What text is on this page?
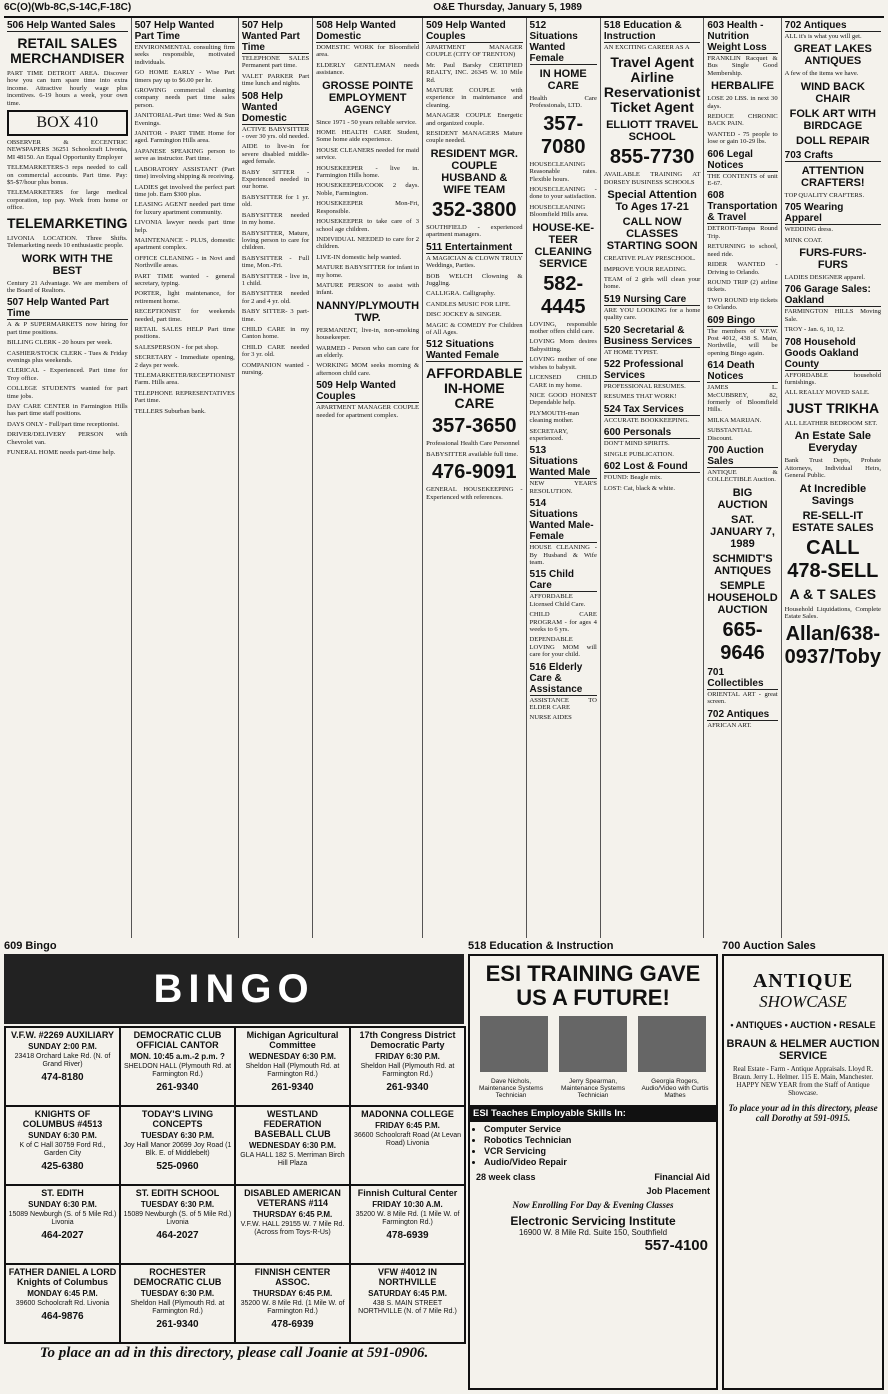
6C(O)(Wb-8C,S-14C,F-18C)	O&E Thursday, January 5, 1989
506 Help Wanted Sales
RETAIL SALES MERCHANDISER
PART TIME DETROIT AREA. Discover how you can turn spare time into extra income. Attractive hourly wage plus incentives. 6-19 hours a week, your own time.
BOX 410
OBSERVER & ECCENTRIC NEWSPAPERS 36251 Schoolcraft Livonia, MI 48150. An Equal Opportunity Employer
TELEMARKETERS-3 reps needed to call on commercial accounts. Part time. Pay: $5-$7/hour plus bonus.
TELEMARKETERS for large medical corporation, top pay. Work from home or office.
TELEMARKETING
LIVONIA LOCATION. Three Shifts. Telemarketing needs 10 enthusiastic people.
WORK WITH THE BEST
Century 21 Advantage. We are members of the Board of Realtors.
507 Help Wanted Part Time
A & P SUPERMARKETS now hiring for part time positions.
BILLING CLERK - 20 hours per week.
CASHIER/STOCK CLERK - Tues & Friday evenings plus weekends.
CLERICAL - Experienced. Part time for Troy office.
COLLEGE STUDENTS wanted for part time jobs.
DAY CARE CENTER in Farmington Hills has part time staff positions.
DAYS ONLY - Full/part time receptionist.
DRIVER/DELIVERY PERSON with Chevrolet van.
FUNERAL HOME needs part-time help.
507 Help Wanted Part Time
ENVIRONMENTAL consulting firm seeks responsible, motivated individuals.
GO HOME EARLY - Wise Part timers pay up to $6.00 per hr.
GROWING commercial cleaning company needs part time sales person.
JANITORIAL-Part time: Wed & Sun Evenings.
JANITOR - PART TIME Home for aged. Farmington Hills area.
JAPANESE SPEAKING person to serve as instructor. Part time.
LABORATORY ASSISTANT (Part time) involving shipping & receiving.
LADIES get involved the perfect part time job. Earn $300 plus.
LEASING AGENT needed part time for luxury apartment community.
LIVONIA lawyer needs part time help.
MAINTENANCE - PLUS, domestic apartment complex.
OFFICE CLEANING - in Novi and Northville areas.
PART TIME wanted - general secretary, typing.
PORTER, light maintenance, for retirement home.
RECEPTIONIST for weekends needed, part time.
RETAIL SALES HELP Part time positions.
SALESPERSON - for pet shop.
SECRETARY - Immediate opening, 2 days per week.
TELEMARKETER/RECEPTIONIST Farm. Hills area.
TELEPHONE REPRESENTATIVES Part time.
TELLERS Suburban bank.
507 Help Wanted Part Time
TELEPHONE SALES Permanent part time.
VALET PARKER Part time lunch and nights.
508 Help Wanted Domestic
ACTIVE BABYSITTER - over 30 yrs. old needed.
AIDE to live-in for severe disabled middle-aged female.
BABY SITTER - Experienced needed in our home.
BABYSITTER for 1 yr. old.
BABYSITTER needed in my home.
BABYSITTER, Mature, loving person to care for children.
BABYSITTER - Full time, Mon.-Fri.
BABYSITTER - live in, 1 child.
BABYSITTER needed for 2 and 4 yr. old.
BABY SITTER- 3 part-time.
CHILD CARE in my Canton home.
CHILD CARE needed for 3 yr. old.
COMPANION wanted - nursing.
508 Help Wanted Domestic
DOMESTIC WORK for Bloomfield area.
ELDERLY GENTLEMAN needs assistance.
GROSSE POINTE EMPLOYMENT AGENCY
Since 1971 - 50 years reliable service.
HOME HEALTH CARE Student, Some home aide experience.
HOUSE CLEANERS needed for maid service.
HOUSEKEEPER - live in. Farmington Hills home.
HOUSEKEEPER/COOK 2 days. Noble, Farmington.
HOUSEKEEPER Mon-Fri, Responsible.
HOUSEKEEPER to take care of 3 school age children.
INDIVIDUAL NEEDED to care for 2 children.
LIVE-IN domestic help wanted.
MATURE BABYSITTER for infant in my home.
MATURE PERSON to assist with infant.
NANNY/PLYMOUTH TWP.
PERMANENT, live-in, non-smoking housekeeper.
WARMED - Person who can care for an elderly.
WORKING MOM seeks morning & afternoon child care.
509 Help Wanted Couples
APARTMENT MANAGER COUPLE needed for apartment complex.
509 Help Wanted Couples
APARTMENT MANAGER COUPLE (CITY OF TRENTON)
Mr. Paul Barsky CERTIFIED REALTY, INC. 26345 W. 10 Mile Rd.
MATURE COUPLE with experience in maintenance and cleaning.
MANAGER COUPLE Energetic and organized couple.
RESIDENT MANAGERS Mature couple needed.
RESIDENT MGR. COUPLE HUSBAND & WIFE TEAM
352-3800
SOUTHFIELD - experienced apartment managers.
511 Entertainment
A MAGICIAN & CLOWN TRULY Weddings, Parties.
BOB WELCH Clowning & Juggling.
CALLIGRA. Calligraphy.
CANDLES MUSIC FOR LIFE.
DISC JOCKEY & SINGER.
MAGIC & COMEDY For Children of All Ages.
512 Situations Wanted Female
AFFORDABLE IN-HOME CARE
357-3650
Professional Health Care Personnel
BABYSITTER available full time.
476-9091
GENERAL HOUSEKEEPING - Experienced with references.
512 Situations Wanted Female
IN HOME CARE
Health Care Professionals, LTD.
357-7080
HOUSECLEANING Reasonable rates. Flexible hours.
HOUSECLEANING - done to your satisfaction.
HOUSECLEANING Bloomfield Hills area.
HOUSE-KE-TEER CLEANING SERVICE
582-4445
LOVING, responsible mother offers child care.
LOVING Mom desires Babysitting.
LOVING mother of one wishes to babysit.
LICENSED CHILD CARE in my home.
NICE GOOD HONEST Dependable help.
PLYMOUTH-man cleaning mother.
SECRETARY, experienced.
513 Situations Wanted Male
NEW YEAR'S RESOLUTION.
514 Situations Wanted Male-Female
HOUSE CLEANING - By Husband & Wife team.
515 Child Care
AFFORDABLE Licensed Child Care.
CHILD CARE PROGRAM - for ages 4 weeks to 6 yrs.
DEPENDABLE LOVING MOM will care for your child.
516 Elderly Care & Assistance
ASSISTANCE TO ELDER CARE
NURSE AIDES
518 Education & Instruction
AN EXCITING CAREER AS A
Travel Agent Airline Reservationist Ticket Agent
ELLIOTT TRAVEL SCHOOL
855-7730
AVAILABLE TRAINING AT DORSEY BUSINESS SCHOOLS
Special Attention To Ages 17-21
CALL NOW CLASSES STARTING SOON
CREATIVE PLAY PRESCHOOL.
IMPROVE YOUR READING.
TEAM of 2 girls will clean your home.
519 Nursing Care
ARE YOU LOOKING for a home quality care.
520 Secretarial & Business Services
AT HOME TYPIST.
522 Professional Services
PROFESSIONAL RESUMES.
RESUMES THAT WORK!
524 Tax Services
ACCURATE BOOKKEEPING.
600 Personals
DON'T MIND SPIRITS.
SINGLE PUBLICATION.
602 Lost & Found
FOUND: Beagle mix.
LOST: Cat, black & white.
603 Health - Nutrition Weight Loss
FRANKLIN Racquet & Bus Single Good Membership.
HERBALIFE
LOSE 20 LBS. in next 30 days.
REDUCE CHRONIC BACK PAIN.
WANTED - 75 people to lose or gain 10-29 lbs.
606 Legal Notices
THE CONTENTS of unit E-67.
608 Transportation & Travel
DETROIT-Tampa Round Trip.
RETURNING to school, need ride.
RIDER WANTED - Driving to Orlando.
ROUND TRIP (2) airline tickets.
TWO ROUND trip tickets to Orlando.
609 Bingo
The members of V.F.W. Post 4012, 438 S. Main, Northville, will be opening Bingo again.
614 Death Notices
JAMES L. McCUBBREY, 82, formerly of Bloomfield Hills.
MILKA MARIJAN.
SUBSTANTIAL Discount.
700 Auction Sales
ANTIQUE & COLLECTIBLE Auction.
BIG AUCTION
SAT. JANUARY 7, 1989
SCHMIDT'S ANTIQUES
SEMPLE HOUSEHOLD AUCTION
665-9646
701 Collectibles
ORIENTAL ART - great screen.
702 Antiques
AFRICAN ART.
702 Antiques
ALL it's is what you will get.
GREAT LAKES ANTIQUES
A few of the items we have.
WIND BACK CHAIR
FOLK ART WITH BIRDCAGE
DOLL REPAIR
703 Crafts
ATTENTION CRAFTERS!
TOP QUALITY CRAFTERS.
705 Wearing Apparel
WEDDING dress.
MINK COAT.
FURS-FURS-FURS
LADIES DESIGNER apparel.
706 Garage Sales: Oakland
FARMINGTON HILLS Moving Sale.
TROY - Jan. 6, 10, 12.
708 Household Goods Oakland County
AFFORDABLE household furnishings.
ALL REALLY MOVED SALE.
JUST TRIKHA
ALL LEATHER BEDROOM SET.
An Estate Sale Everyday
Bank Trust Depts, Probate Attorneys, Individual Heirs, General Public.
At Incredible Savings
RE-SELL-IT ESTATE SALES
CALL 478-SELL
A & T SALES
Household Liquidations, Complete Estate Sales.
Allan/638-0937/Toby
609 Bingo
BINGO
V.F.W. #2269 AUXILIARY
SUNDAY 2:00 P.M.
23418 Orchard Lake Rd. (N. of Grand River)
474-8180
DEMOCRATIC CLUB OFFICIAL CANTOR
MON. 10:45 a.m.-2 p.m. ?
SHELDON HALL (Plymouth Rd. at Farmington Rd.)
261-9340
Michigan Agricultural Committee
WEDNESDAY 6:30 P.M.
Sheldon Hall (Plymouth Rd. at Farmington Rd.)
261-9340
17th Congress District Democratic Party
FRIDAY 6:30 P.M.
Sheldon Hall (Plymouth Rd. at Farmington Rd.)
261-9340
KNIGHTS OF COLUMBUS #4513
SUNDAY 6:30 P.M.
K of C Hall 30759 Ford Rd., Garden City
425-6380
TODAY'S LIVING CONCEPTS
TUESDAY 6:30 P.M.
Joy Hall Manor 20699 Joy Road (1 Blk. E. of Middlebelt)
525-0960
WESTLAND FEDERATION BASEBALL CLUB
WEDNESDAY 6:30 P.M.
GLA HALL 182 S. Merriman Birch Hill Plaza
MADONNA COLLEGE
FRIDAY 6:45 P.M.
36600 Schoolcraft Road (At Levan Road) Livonia
ST. EDITH
SUNDAY 6:30 P.M.
15089 Newburgh (S. of 5 Mile Rd.) Livonia
464-2027
ST. EDITH SCHOOL
TUESDAY 6:30 P.M.
15089 Newburgh (S. of 5 Mile Rd.) Livonia
464-2027
DISABLED AMERICAN VETERANS #114
THURSDAY 6:45 P.M.
V.F.W. HALL 29155 W. 7 Mile Rd. (Across from Toys-R-Us)
Finnish Cultural Center
FRIDAY 10:30 A.M.
35200 W. 8 Mile Rd. (1 Mile W. of Farmington Rd.)
478-6939
FATHER DANIEL A LORD Knights of Columbus
MONDAY 6:45 P.M.
39600 Schoolcraft Rd. Livonia
464-9876
ROCHESTER DEMOCRATIC CLUB
TUESDAY 6:30 P.M.
Sheldon Hall (Plymouth Rd. at Farmington Rd.)
261-9340
FINNISH CENTER ASSOC.
THURSDAY 6:45 P.M.
35200 W. 8 Mile Rd. (1 Mile W. of Farmington Rd.)
478-6939
VFW #4012 IN NORTHVILLE
SATURDAY 6:45 P.M.
438 S. MAIN STREET NORTHVILLE (N. of 7 Mile Rd.)
To place an ad in this directory, please call Joanie at 591-0906.
518 Education & Instruction
ESI TRAINING GAVE US A FUTURE!
Dave Nichols, Maintenance Systems Technician
Jerry Spearman, Maintenance Systems Technician
Georgia Rogers, Audio/Video with Curtis Mathes
ESI Teaches Employable Skills In:
• Computer Service
• Robotics Technician
• VCR Servicing
• Audio/Video Repair
28 week class	Financial Aid
Job Placement
Now Enrolling For Day & Evening Classes
Electronic Servicing Institute
16900 W. 8 Mile Rd. Suite 150, Southfield
557-4100
700 Auction Sales
ANTIQUE
SHOWCASE
• ANTIQUES • AUCTION • RESALE
BRAUN & HELMER AUCTION SERVICE
Real Estate - Farm - Antique Appraisals. Lloyd R. Braun. Jerry L. Helmer. 115 E. Main, Manchester. HAPPY NEW YEAR from the Staff of Antique Showcase.
To place your ad in this directory, please call Dorothy at 591-0915.
